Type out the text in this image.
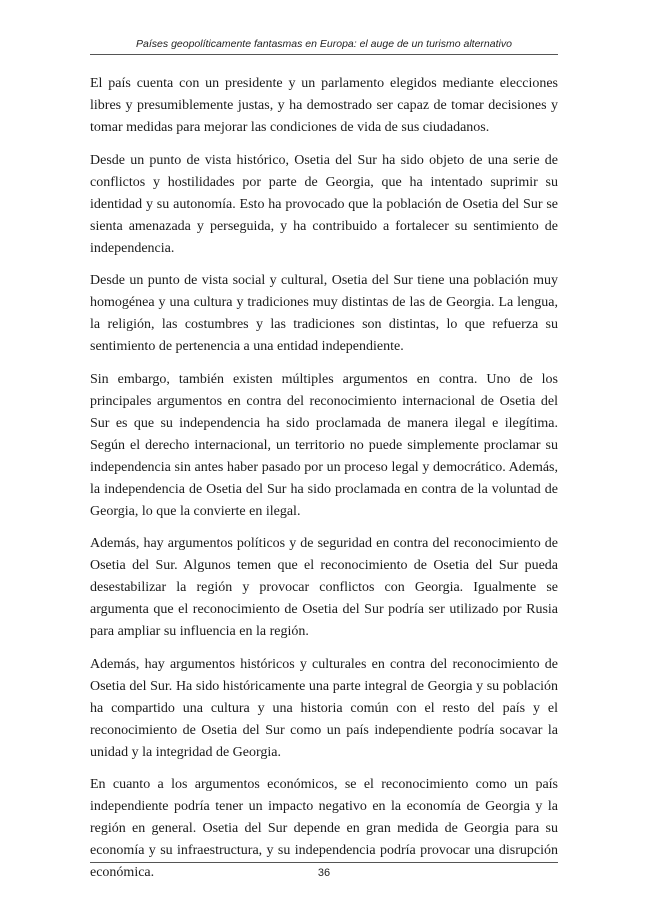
Países geopolíticamente fantasmas en Europa: el auge de un turismo alternativo

El país cuenta con un presidente y un parlamento elegidos mediante elecciones libres y presumiblemente justas, y ha demostrado ser capaz de tomar decisiones y tomar medidas para mejorar las condiciones de vida de sus ciudadanos.

Desde un punto de vista histórico, Osetia del Sur ha sido objeto de una serie de conflictos y hostilidades por parte de Georgia, que ha intentado suprimir su identidad y su autonomía. Esto ha provocado que la población de Osetia del Sur se sienta amenazada y perseguida, y ha contribuido a fortalecer su sentimiento de independencia.

Desde un punto de vista social y cultural, Osetia del Sur tiene una población muy homogénea y una cultura y tradiciones muy distintas de las de Georgia. La lengua, la religión, las costumbres y las tradiciones son distintas, lo que refuerza su sentimiento de pertenencia a una entidad independiente.

Sin embargo, también existen múltiples argumentos en contra. Uno de los principales argumentos en contra del reconocimiento internacional de Osetia del Sur es que su independencia ha sido proclamada de manera ilegal e ilegítima. Según el derecho internacional, un territorio no puede simplemente proclamar su independencia sin antes haber pasado por un proceso legal y democrático. Además, la independencia de Osetia del Sur ha sido proclamada en contra de la voluntad de Georgia, lo que la convierte en ilegal.

Además, hay argumentos políticos y de seguridad en contra del reconocimiento de Osetia del Sur. Algunos temen que el reconocimiento de Osetia del Sur pueda desestabilizar la región y provocar conflictos con Georgia. Igualmente se argumenta que el reconocimiento de Osetia del Sur podría ser utilizado por Rusia para ampliar su influencia en la región.

Además, hay argumentos históricos y culturales en contra del reconocimiento de Osetia del Sur. Ha sido históricamente una parte integral de Georgia y su población ha compartido una cultura y una historia común con el resto del país y el reconocimiento de Osetia del Sur como un país independiente podría socavar la unidad y la integridad de Georgia.

En cuanto a los argumentos económicos, se el reconocimiento como un país independiente podría tener un impacto negativo en la economía de Georgia y la región en general. Osetia del Sur depende en gran medida de Georgia para su economía y su infraestructura, y su independencia podría provocar una disrupción económica.	36
